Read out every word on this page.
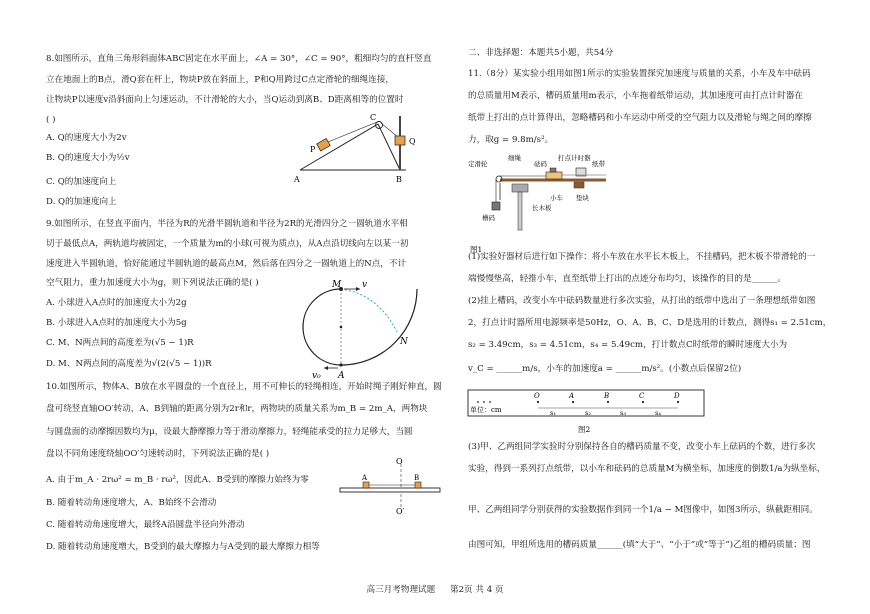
8.如图所示，直角三角形斜面体ABC固定在水平面上，∠A = 30°，∠C = 90°，粗细均匀的直杆竖直
立在地面上的B点，滑Q套在杆上，物块P放在斜面上，P和Q用跨过C点定滑轮的细绳连接，
让物块P以速度v沿斜面向上匀速运动，不计滑轮的大小，当Q运动到离B、D距离相等的位置时
( )
A. Q的速度大小为2v
B. Q的速度大小为½v
C. Q的加速度向上
D. Q的加速度向上
9.如图所示，在竖直平面内，半径为R的光滑半圆轨道和半径为2R的光滑四分之一圆轨道水平相
切于最低点A，两轨道均被固定，一个质量为m的小球(可视为质点)，从A点沿切线向左以某一初
速度进入半圆轨道，恰好能通过半圆轨道的最高点M，然后落在四分之一圆轨道上的N点，不计
空气阻力，重力加速度大小为g，则下列说法正确的是( )
A. 小球进入A点时的加速度大小为2g
B. 小球进入A点时的加速度大小为5g
C. M、N两点间的高度差为(√5 − 1)R
D. M、N两点间的高度差为√(2(√5 − 1))R
10.如图所示，物体A、B放在水平圆盘的一个直径上，用不可伸长的轻绳相连，开始时绳子刚好伸直，圆
盘可绕竖直轴OO′转动，A、B到轴的距离分别为2r和r，两物块的质量关系为m_B = 2m_A，两物块
与圆盘面的动摩擦因数均为μ，设最大静摩擦力等于滑动摩擦力，轻绳能承受的拉力足够大，当圆
盘以不同角速度绕轴OO′匀速转动时，下列说法正确的是( )
A. 由于m_A · 2rω² = m_B · rω²，因此A、B受到的摩擦力始终为零
B. 随着转动角速度增大，A、B始终不会滑动
C. 随着转动角速度增大，最终A沿圆盘半径向外滑动
D. 随着转动角速度增大，B受到的最大摩擦力与A受到的最大摩擦力相等
P
C
Q
A	B
M v
N
v₀ A
O
O′
A	B
二、非选择题：本题共5小题，共54分
11.（8分）某实验小组用如图1所示的实验装置探究加速度与质量的关系，小车及车中砝码
的总质量用M表示，槽码质量用m表示，小车拖着纸带运动，其加速度可由打点计时器在
纸带上打出的点计算得出，忽略槽码和小车运动中所受的空气阻力以及滑轮与绳之间的摩擦
力，取g = 9.8m/s²。
(1)实验好器材后进行如下操作：将小车放在水平长木板上，不挂槽码，把木板不带滑轮的一
端慢慢垫高，轻推小车，直至纸带上打出的点迹分布均匀，该操作的目的是______。
(2)挂上槽码，改变小车中砝码数量进行多次实验，从打出的纸带中选出了一条理想纸带如图
2，打点计时器所用电源频率是50Hz，O、A、B、C、D是选用的计数点，测得s₁ = 2.51cm，
s₂ = 3.49cm，s₃ = 4.51cm，s₄ = 5.49cm，打计数点C时纸带的瞬时速度大小为
v_C = ______m/s，小车的加速度a = ______m/s²。(小数点后保留2位)
(3)甲、乙两组同学实验时分别保持各自的槽码质量不变，改变小车上砝码的个数，进行多次
实验，得到一系列打点纸带，以小车和砝码的总质量M为横坐标，加速度的倒数1/a为纵坐标，
甲、乙两组同学分别获得的实验数据作到同一个1/a − M图像中，如图3所示，纵截距相同。
由图可知，甲组所选用的槽码质量______(填“大于”、“小于”或“等于”)乙组的槽码质量；图
定滑轮
细绳
砝码
打点计时器
纸带
小车
长木板
垫块
槽码
图1
单位：cm
O	A	B	C	D
s₁	s₂	s₃	s₄
图2
高三月考物理试题 第2页 共 4 页
